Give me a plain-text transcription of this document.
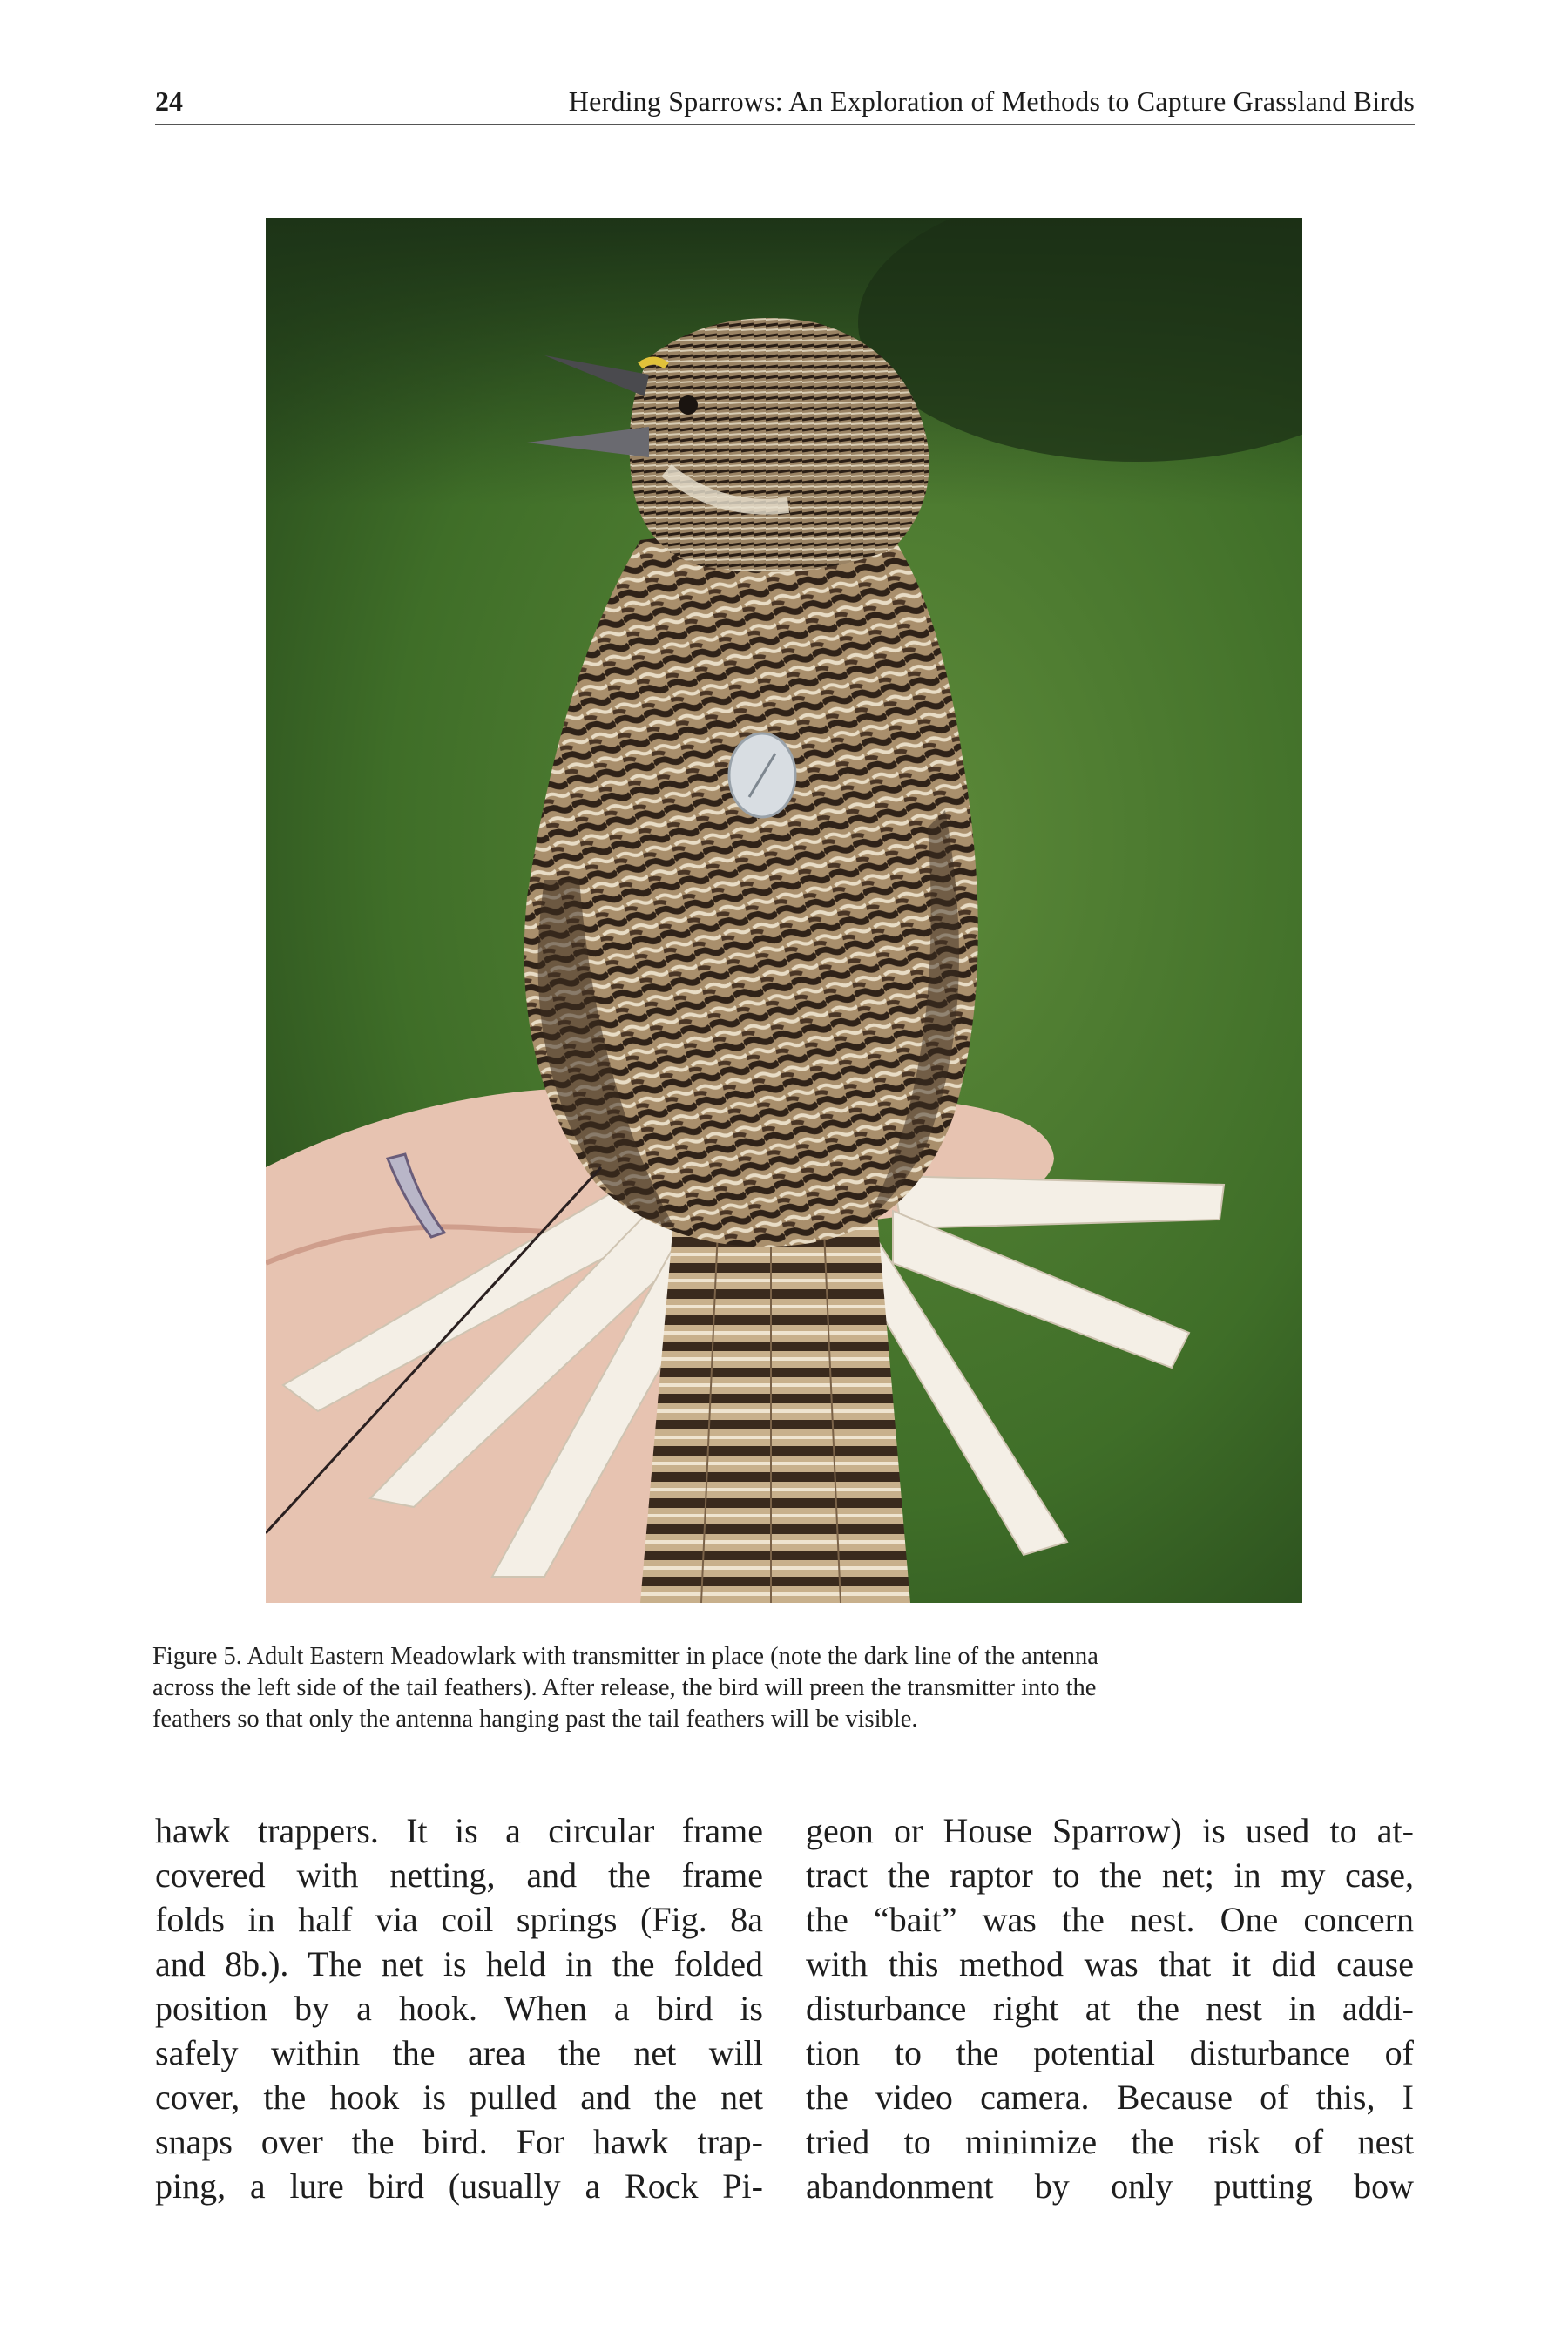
24	Herding Sparrows: An Exploration of Methods to Capture Grassland Birds
Figure 5. Adult Eastern Meadowlark with transmitter in place (note the dark line of the antenna
across the left side of the tail feathers). After release, the bird will preen the transmitter into the
feathers so that only the antenna hanging past the tail feathers will be visible.
hawk trappers. It is a circular frame
covered with netting, and the frame
folds in half via coil springs (Fig. 8a
and 8b.). The net is held in the folded
position by a hook. When a bird is
safely within the area the net will
cover, the hook is pulled and the net
snaps over the bird. For hawk trap-
ping, a lure bird (usually a Rock Pi-
geon or House Sparrow) is used to at-
tract the raptor to the net; in my case,
the “bait” was the nest. One concern
with this method was that it did cause
disturbance right at the nest in addi-
tion to the potential disturbance of
the video camera. Because of this, I
tried to minimize the risk of nest
abandonment by only putting bow
